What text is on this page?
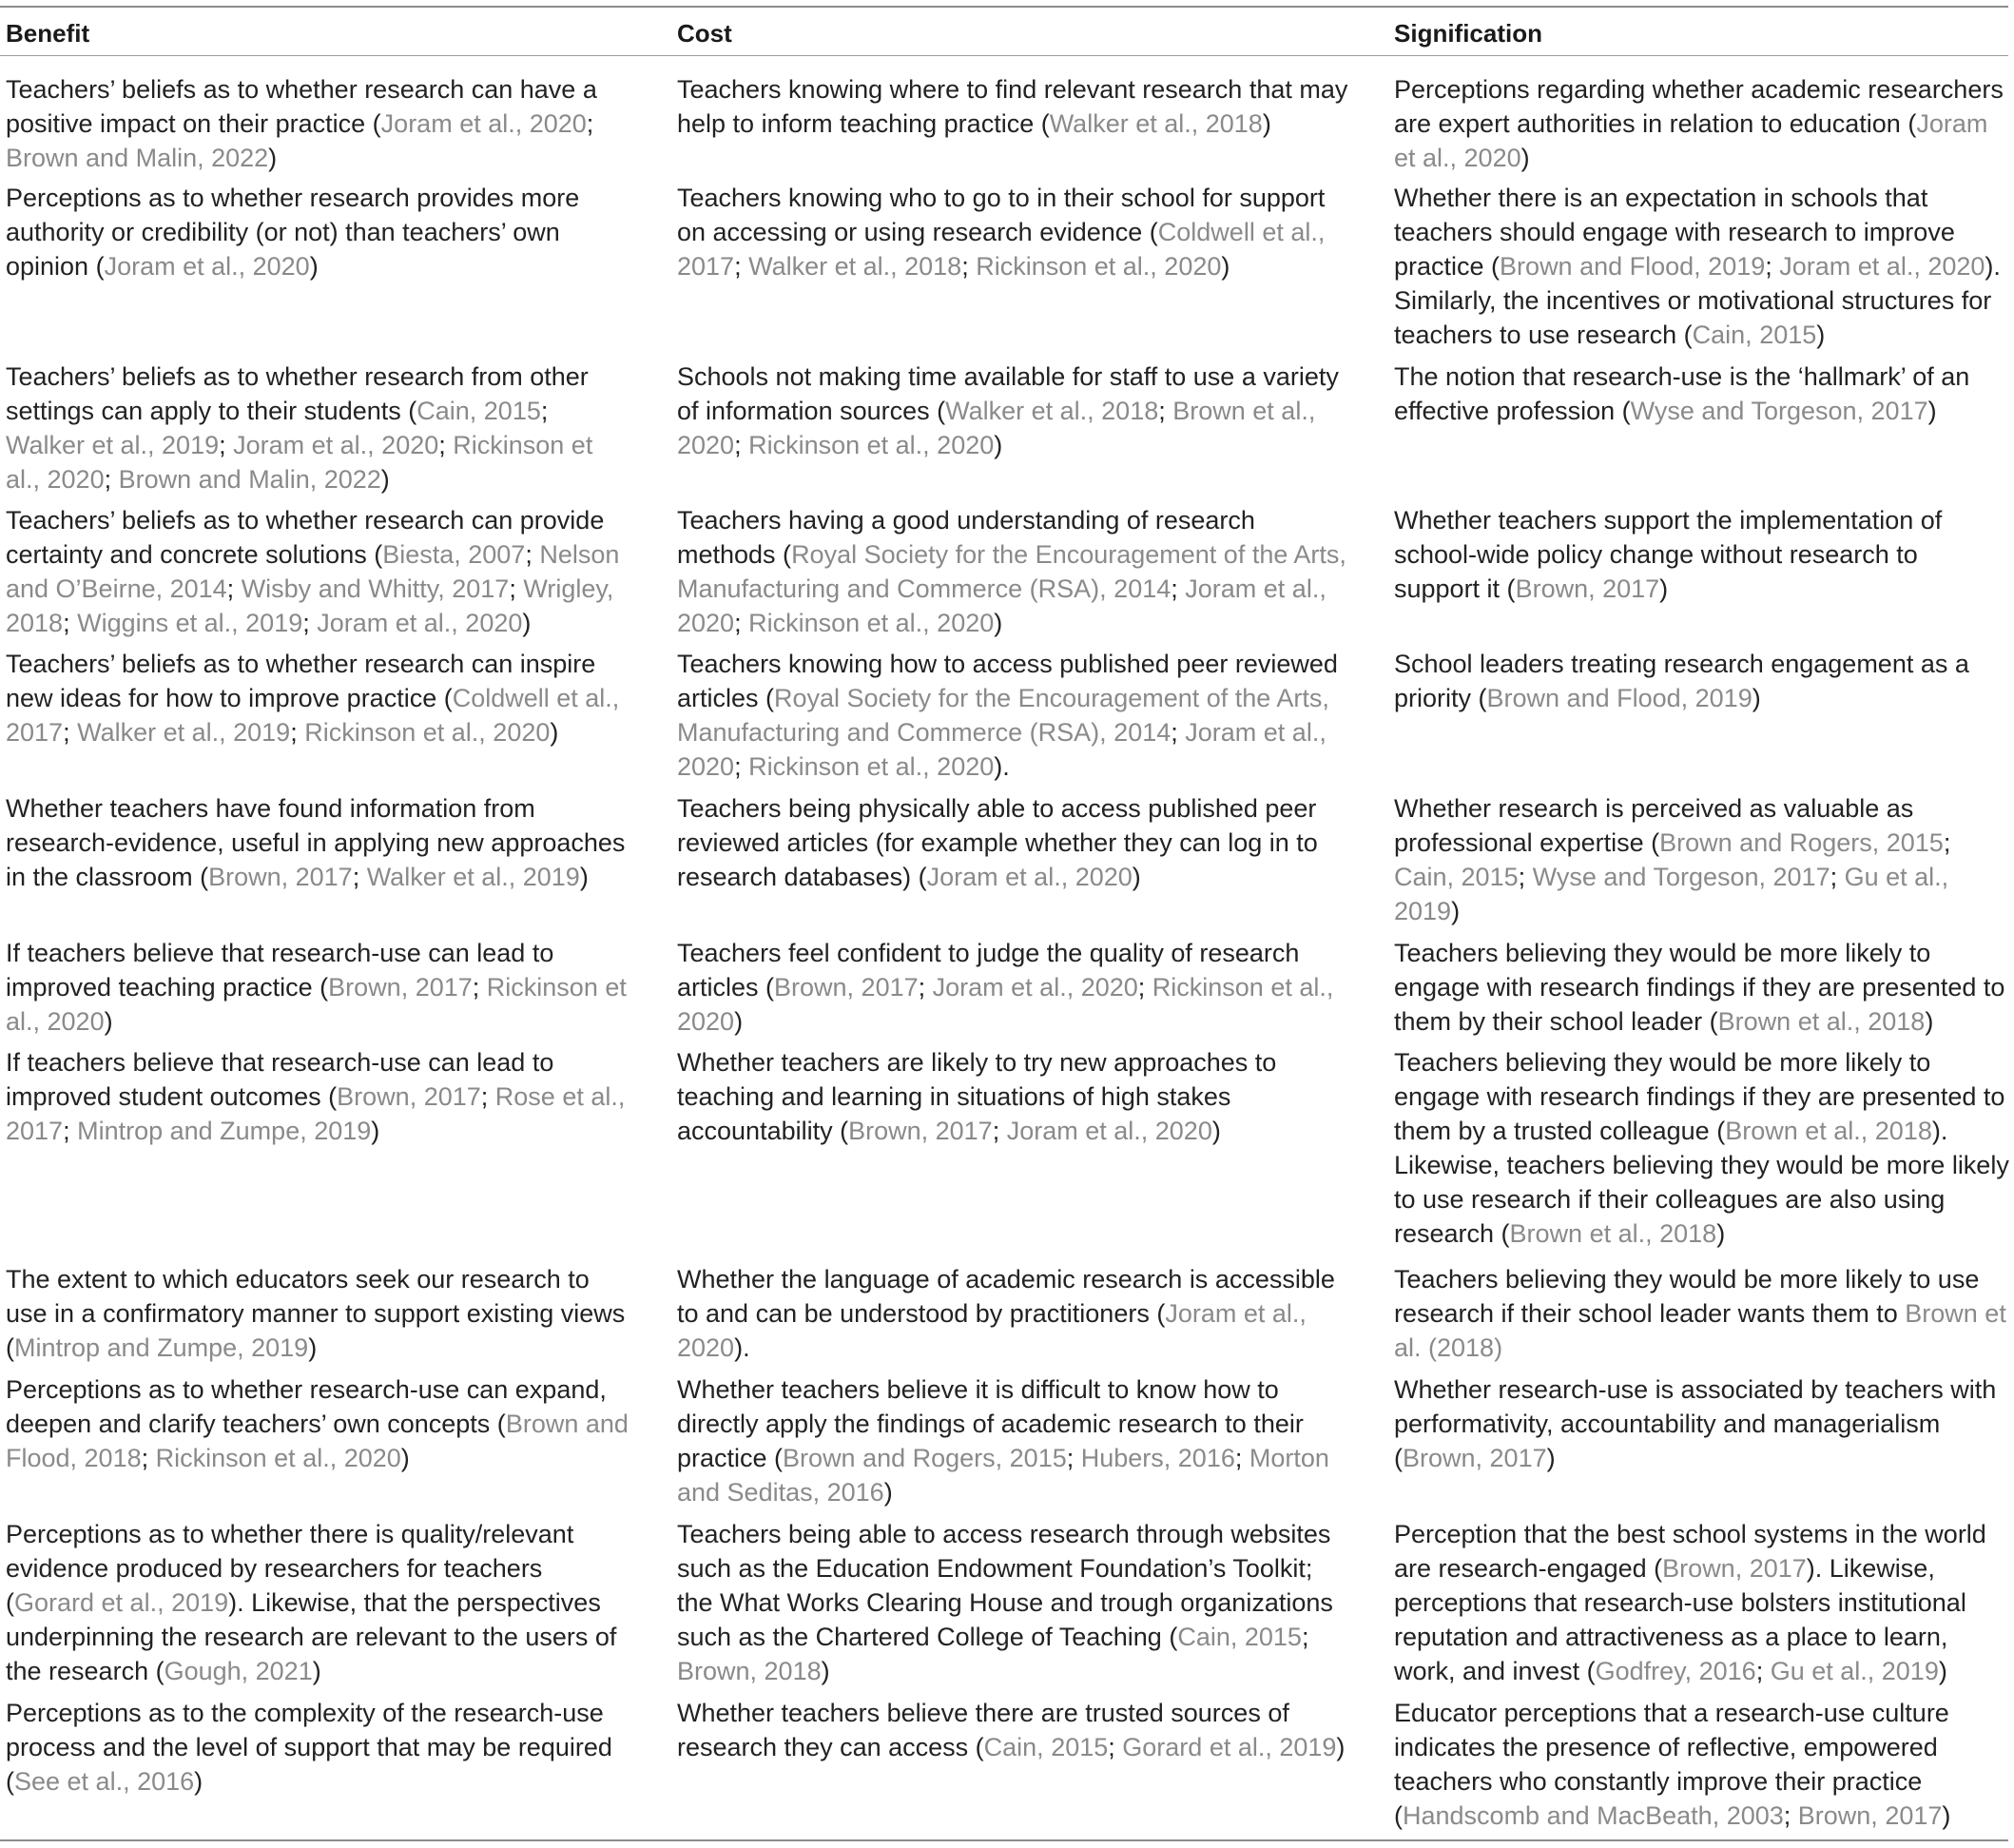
Benefit	Cost	Signification
Teachers’ beliefs as to whether research can have a positive impact on their practice (Joram et al., 2020; Brown and Malin, 2022)
Teachers knowing where to find relevant research that may help to inform teaching practice (Walker et al., 2018)
Perceptions regarding whether academic researchers are expert authorities in relation to education (Joram et al., 2020)
Perceptions as to whether research provides more authority or credibility (or not) than teachers’ own opinion (Joram et al., 2020)
Teachers knowing who to go to in their school for support on accessing or using research evidence (Coldwell et al., 2017; Walker et al., 2018; Rickinson et al., 2020)
Whether there is an expectation in schools that teachers should engage with research to improve practice (Brown and Flood, 2019; Joram et al., 2020). Similarly, the incentives or motivational structures for teachers to use research (Cain, 2015)
Teachers’ beliefs as to whether research from other settings can apply to their students (Cain, 2015; Walker et al., 2019; Joram et al., 2020; Rickinson et al., 2020; Brown and Malin, 2022)
Schools not making time available for staff to use a variety of information sources (Walker et al., 2018; Brown et al., 2020; Rickinson et al., 2020)
The notion that research-use is the ‘hallmark’ of an effective profession (Wyse and Torgeson, 2017)
Teachers’ beliefs as to whether research can provide certainty and concrete solutions (Biesta, 2007; Nelson and O’Beirne, 2014; Wisby and Whitty, 2017; Wrigley, 2018; Wiggins et al., 2019; Joram et al., 2020)
Teachers having a good understanding of research methods (Royal Society for the Encouragement of the Arts, Manufacturing and Commerce (RSA), 2014; Joram et al., 2020; Rickinson et al., 2020)
Whether teachers support the implementation of school-wide policy change without research to support it (Brown, 2017)
Teachers’ beliefs as to whether research can inspire new ideas for how to improve practice (Coldwell et al., 2017; Walker et al., 2019; Rickinson et al., 2020)
Teachers knowing how to access published peer reviewed articles (Royal Society for the Encouragement of the Arts, Manufacturing and Commerce (RSA), 2014; Joram et al., 2020; Rickinson et al., 2020).
School leaders treating research engagement as a priority (Brown and Flood, 2019)
Whether teachers have found information from research-evidence, useful in applying new approaches in the classroom (Brown, 2017; Walker et al., 2019)
Teachers being physically able to access published peer reviewed articles (for example whether they can log in to research databases) (Joram et al., 2020)
Whether research is perceived as valuable as professional expertise (Brown and Rogers, 2015; Cain, 2015; Wyse and Torgeson, 2017; Gu et al., 2019)
If teachers believe that research-use can lead to improved teaching practice (Brown, 2017; Rickinson et al., 2020)
Teachers feel confident to judge the quality of research articles (Brown, 2017; Joram et al., 2020; Rickinson et al., 2020)
Teachers believing they would be more likely to engage with research findings if they are presented to them by their school leader (Brown et al., 2018)
If teachers believe that research-use can lead to improved student outcomes (Brown, 2017; Rose et al., 2017; Mintrop and Zumpe, 2019)
Whether teachers are likely to try new approaches to teaching and learning in situations of high stakes accountability (Brown, 2017; Joram et al., 2020)
Teachers believing they would be more likely to engage with research findings if they are presented to them by a trusted colleague (Brown et al., 2018). Likewise, teachers believing they would be more likely to use research if their colleagues are also using research (Brown et al., 2018)
The extent to which educators seek our research to use in a confirmatory manner to support existing views (Mintrop and Zumpe, 2019)
Whether the language of academic research is accessible to and can be understood by practitioners (Joram et al., 2020).
Teachers believing they would be more likely to use research if their school leader wants them to Brown et al. (2018)
Perceptions as to whether research-use can expand, deepen and clarify teachers’ own concepts (Brown and Flood, 2018; Rickinson et al., 2020)
Whether teachers believe it is difficult to know how to directly apply the findings of academic research to their practice (Brown and Rogers, 2015; Hubers, 2016; Morton and Seditas, 2016)
Whether research-use is associated by teachers with performativity, accountability and managerialism (Brown, 2017)
Perceptions as to whether there is quality/relevant evidence produced by researchers for teachers (Gorard et al., 2019). Likewise, that the perspectives underpinning the research are relevant to the users of the research (Gough, 2021)
Teachers being able to access research through websites such as the Education Endowment Foundation’s Toolkit; the What Works Clearing House and trough organizations such as the Chartered College of Teaching (Cain, 2015; Brown, 2018)
Perception that the best school systems in the world are research-engaged (Brown, 2017). Likewise, perceptions that research-use bolsters institutional reputation and attractiveness as a place to learn, work, and invest (Godfrey, 2016; Gu et al., 2019)
Perceptions as to the complexity of the research-use process and the level of support that may be required (See et al., 2016)
Whether teachers believe there are trusted sources of research they can access (Cain, 2015; Gorard et al., 2019)
Educator perceptions that a research-use culture indicates the presence of reflective, empowered teachers who constantly improve their practice (Handscomb and MacBeath, 2003; Brown, 2017)
